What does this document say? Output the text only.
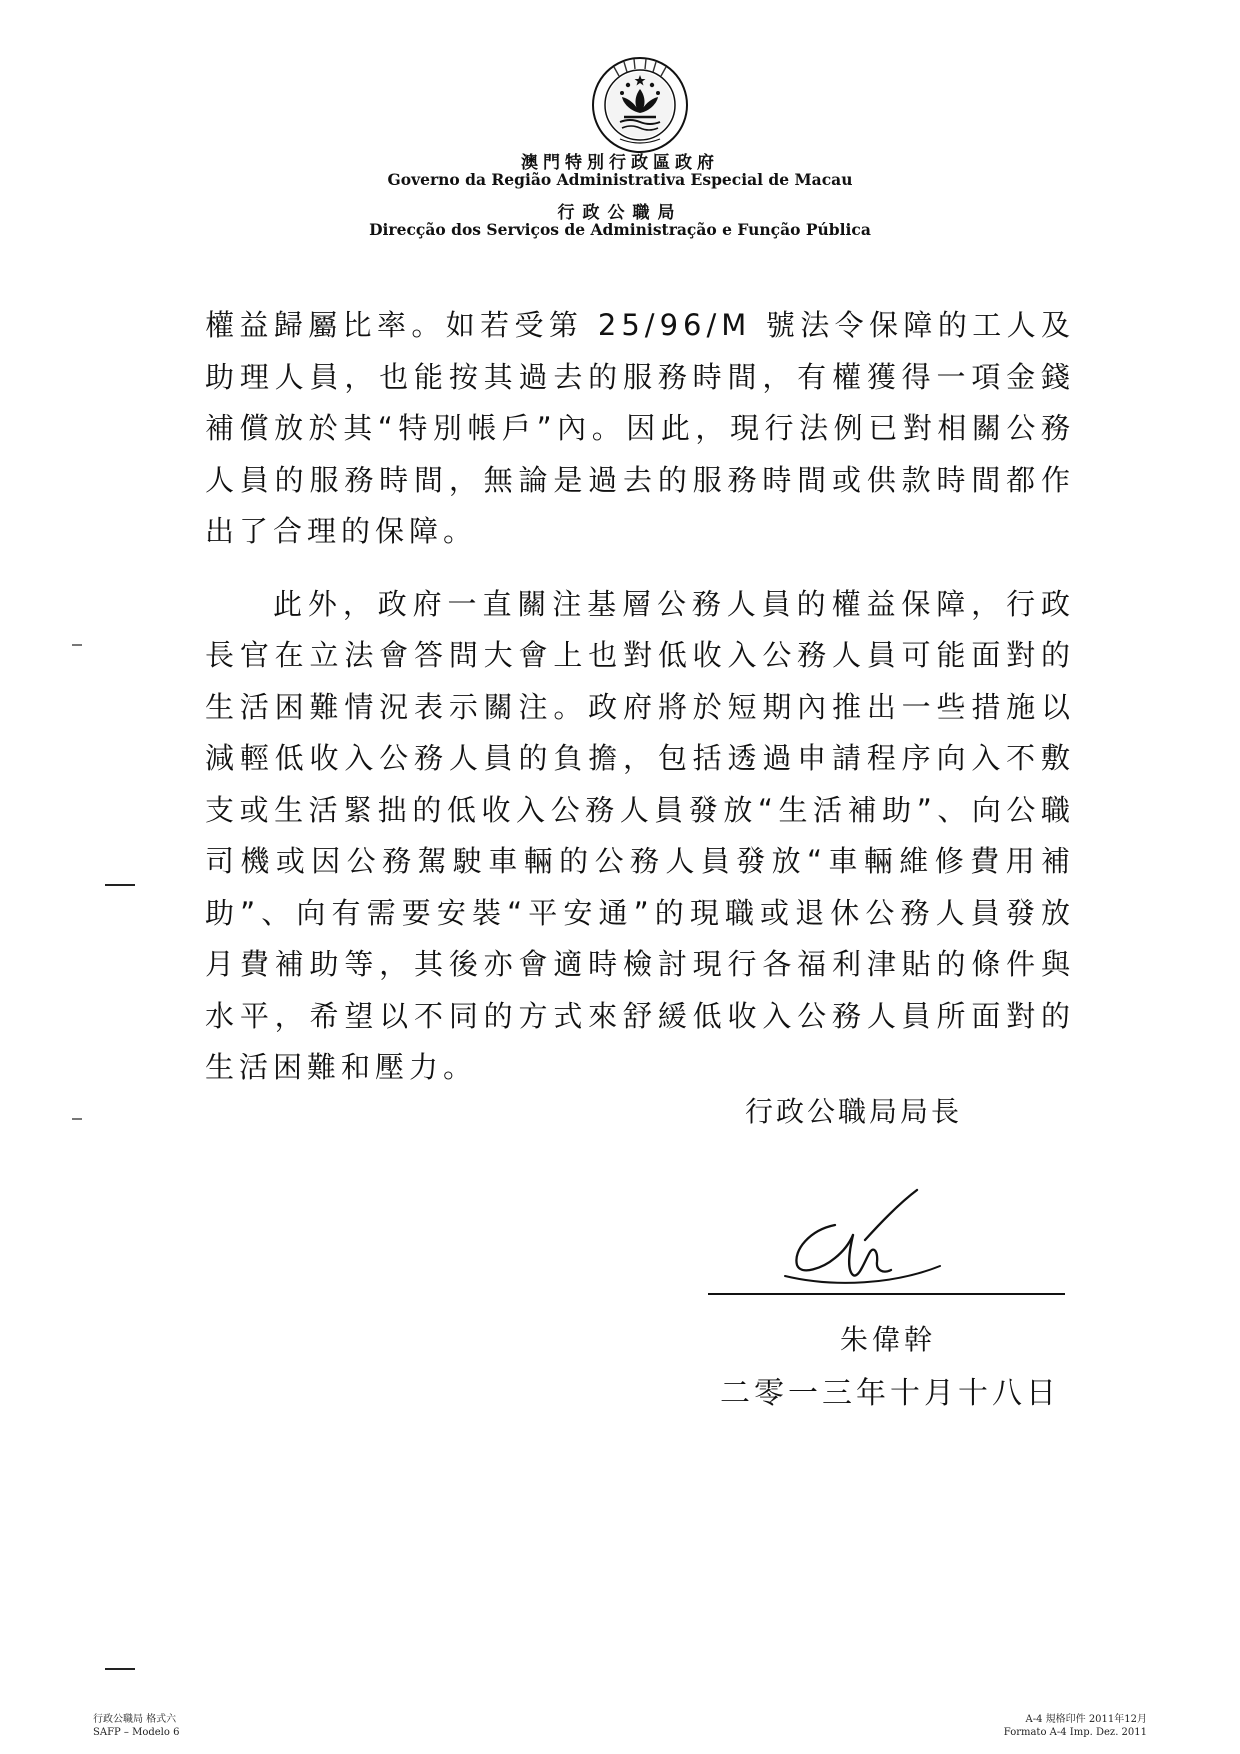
澳門特別行政區政府
Governo da Região Administrativa Especial de Macau
行政公職局
Direcção dos Serviços de Administração e Função Pública

權益歸屬比率。如若受第 25/96/M 號法令保障的工人及助理人員，也能按其過去的服務時間，有權獲得一項金錢補償放於其“特別帳戶”內。因此，現行法例已對相關公務人員的服務時間，無論是過去的服務時間或供款時間都作出了合理的保障。

此外，政府一直關注基層公務人員的權益保障，行政長官在立法會答問大會上也對低收入公務人員可能面對的生活困難情況表示關注。政府將於短期內推出一些措施以減輕低收入公務人員的負擔，包括透過申請程序向入不敷支或生活緊拙的低收入公務人員發放“生活補助”、向公職司機或因公務駕駛車輛的公務人員發放“車輛維修費用補助”、向有需要安裝“平安通”的現職或退休公務人員發放月費補助等，其後亦會適時檢討現行各福利津貼的條件與水平，希望以不同的方式來舒緩低收入公務人員所面對的生活困難和壓力。

行政公職局局長
朱偉幹
二零一三年十月十八日
行政公職局 格式六
SAFP – Modelo 6
A-4 規格印件 2011年12月
Formato A-4 Imp. Dez. 2011
